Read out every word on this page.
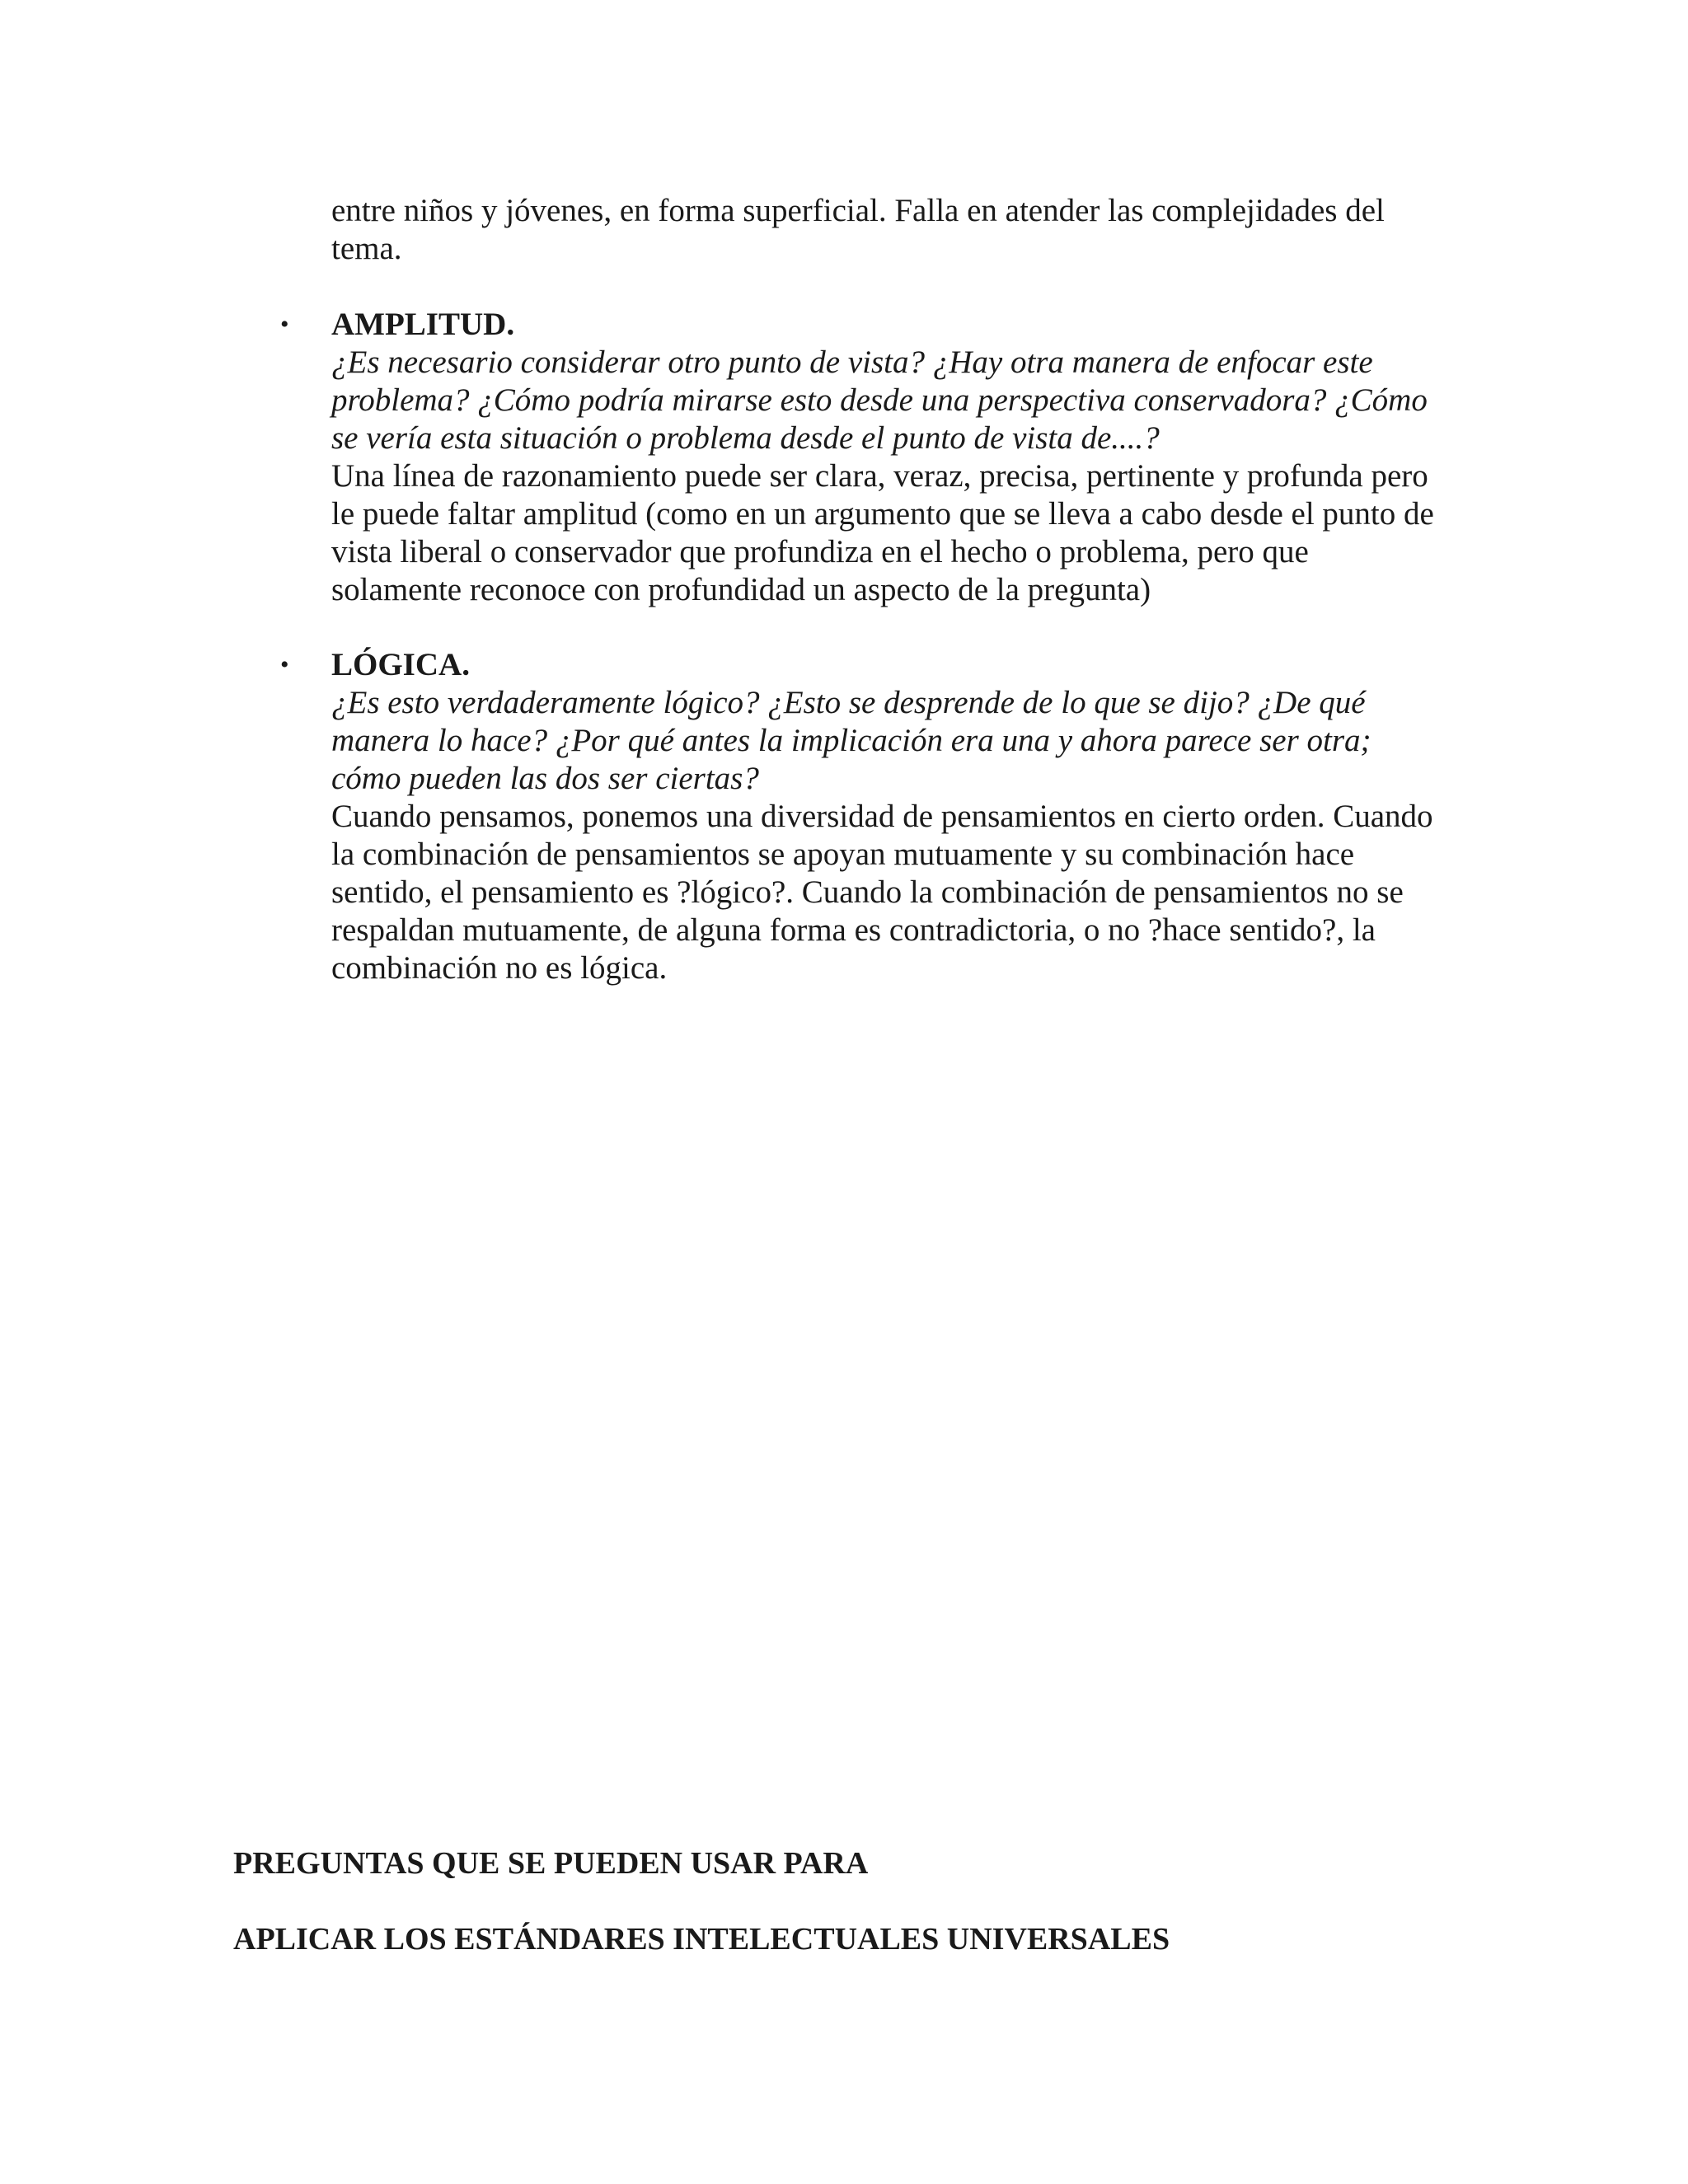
entre niños y jóvenes, en forma superficial. Falla en atender las complejidades del tema.

• AMPLITUD.
¿Es necesario considerar otro punto de vista? ¿Hay otra manera de enfocar este problema? ¿Cómo podría mirarse esto desde una perspectiva conservadora? ¿Cómo se vería esta situación o problema desde el punto de vista de....?
Una línea de razonamiento puede ser clara, veraz, precisa, pertinente y profunda pero le puede faltar amplitud (como en un argumento que se lleva a cabo desde el punto de vista liberal o conservador que profundiza en el hecho o problema, pero que solamente reconoce con profundidad un aspecto de la pregunta)
• LÓGICA.
¿Es esto verdaderamente lógico? ¿Esto se desprende de lo que se dijo? ¿De qué manera lo hace? ¿Por qué antes la implicación era una y ahora parece ser otra; cómo pueden las dos ser ciertas?
Cuando pensamos, ponemos una diversidad de pensamientos en cierto orden. Cuando la combinación de pensamientos se apoyan mutuamente y su combinación hace sentido, el pensamiento es ?lógico?. Cuando la combinación de pensamientos no se respaldan mutuamente, de alguna forma es contradictoria, o no ?hace sentido?, la combinación no es lógica.
PREGUNTAS QUE SE PUEDEN USAR PARA
APLICAR LOS ESTÁNDARES INTELECTUALES UNIVERSALES
